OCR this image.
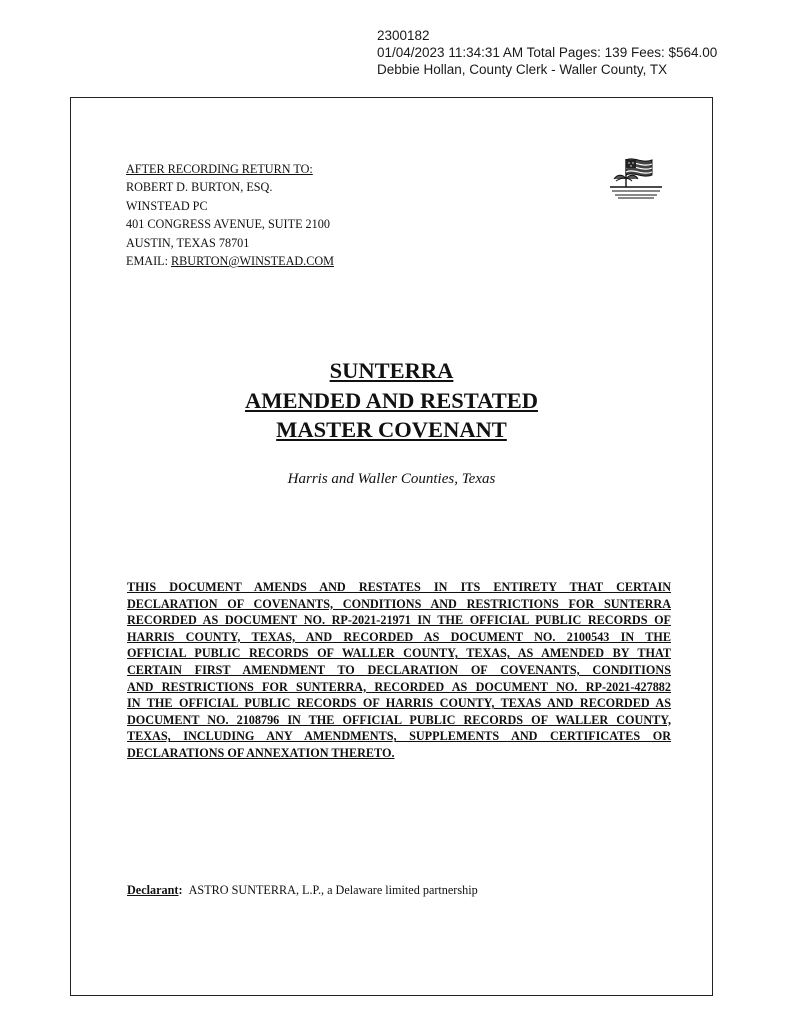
2300182
01/04/2023 11:34:31 AM Total Pages: 139 Fees: $564.00
Debbie Hollan, County Clerk - Waller County, TX
AFTER RECORDING RETURN TO:
ROBERT D. BURTON, ESQ.
WINSTEAD PC
401 CONGRESS AVENUE, SUITE 2100
AUSTIN, TEXAS 78701
EMAIL: RBURTON@WINSTEAD.COM
SUNTERRA
AMENDED AND RESTATED
MASTER COVENANT
Harris and Waller Counties, Texas
THIS DOCUMENT AMENDS AND RESTATES IN ITS ENTIRETY THAT CERTAIN
DECLARATION OF COVENANTS, CONDITIONS AND RESTRICTIONS FOR SUNTERRA
RECORDED AS DOCUMENT NO. RP-2021-21971 IN THE OFFICIAL PUBLIC RECORDS OF
HARRIS COUNTY, TEXAS, AND RECORDED AS DOCUMENT NO. 2100543 IN THE
OFFICIAL PUBLIC RECORDS OF WALLER COUNTY, TEXAS, AS AMENDED BY THAT
CERTAIN FIRST AMENDMENT TO DECLARATION OF COVENANTS, CONDITIONS
AND RESTRICTIONS FOR SUNTERRA, RECORDED AS DOCUMENT NO. RP-2021-427882
IN THE OFFICIAL PUBLIC RECORDS OF HARRIS COUNTY, TEXAS AND RECORDED AS
DOCUMENT NO. 2108796 IN THE OFFICIAL PUBLIC RECORDS OF WALLER COUNTY,
TEXAS, INCLUDING ANY AMENDMENTS, SUPPLEMENTS AND CERTIFICATES OR
DECLARATIONS OF ANNEXATION THERETO.
Declarant: ASTRO SUNTERRA, L.P., a Delaware limited partnership
